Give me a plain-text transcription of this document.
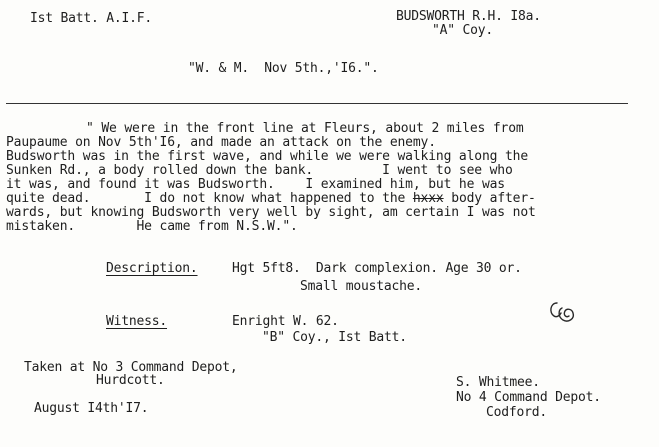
Ist Batt. A.I.F.	BUDSWORTH R.H. I8a.
"A" Coy.
"W. & M.  Nov 5th.,'I6.".
" We were in the front line at Fleurs, about 2 miles from
Paupaume on Nov 5th'I6, and made an attack on the enemy.
Budsworth was in the first wave, and while we were walking along the
Sunken Rd., a body rolled down the bank.         I went to see who
it was, and found it was Budsworth.    I examined him, but he was
quite dead.       I do not know what happened to the hxxx body after-
wards, but knowing Budsworth very well by sight, am certain I was not
mistaken.        He came from N.S.W.".
Description.	Hgt 5ft8.  Dark complexion. Age 30 or.
Small moustache.
Witness.	Enright W. 62.
"B" Coy., Ist Batt.
Taken at No 3 Command Depot,
Hurdcott.
August I4th'I7.
S. Whitmee.
No 4 Command Depot.
Codford.
